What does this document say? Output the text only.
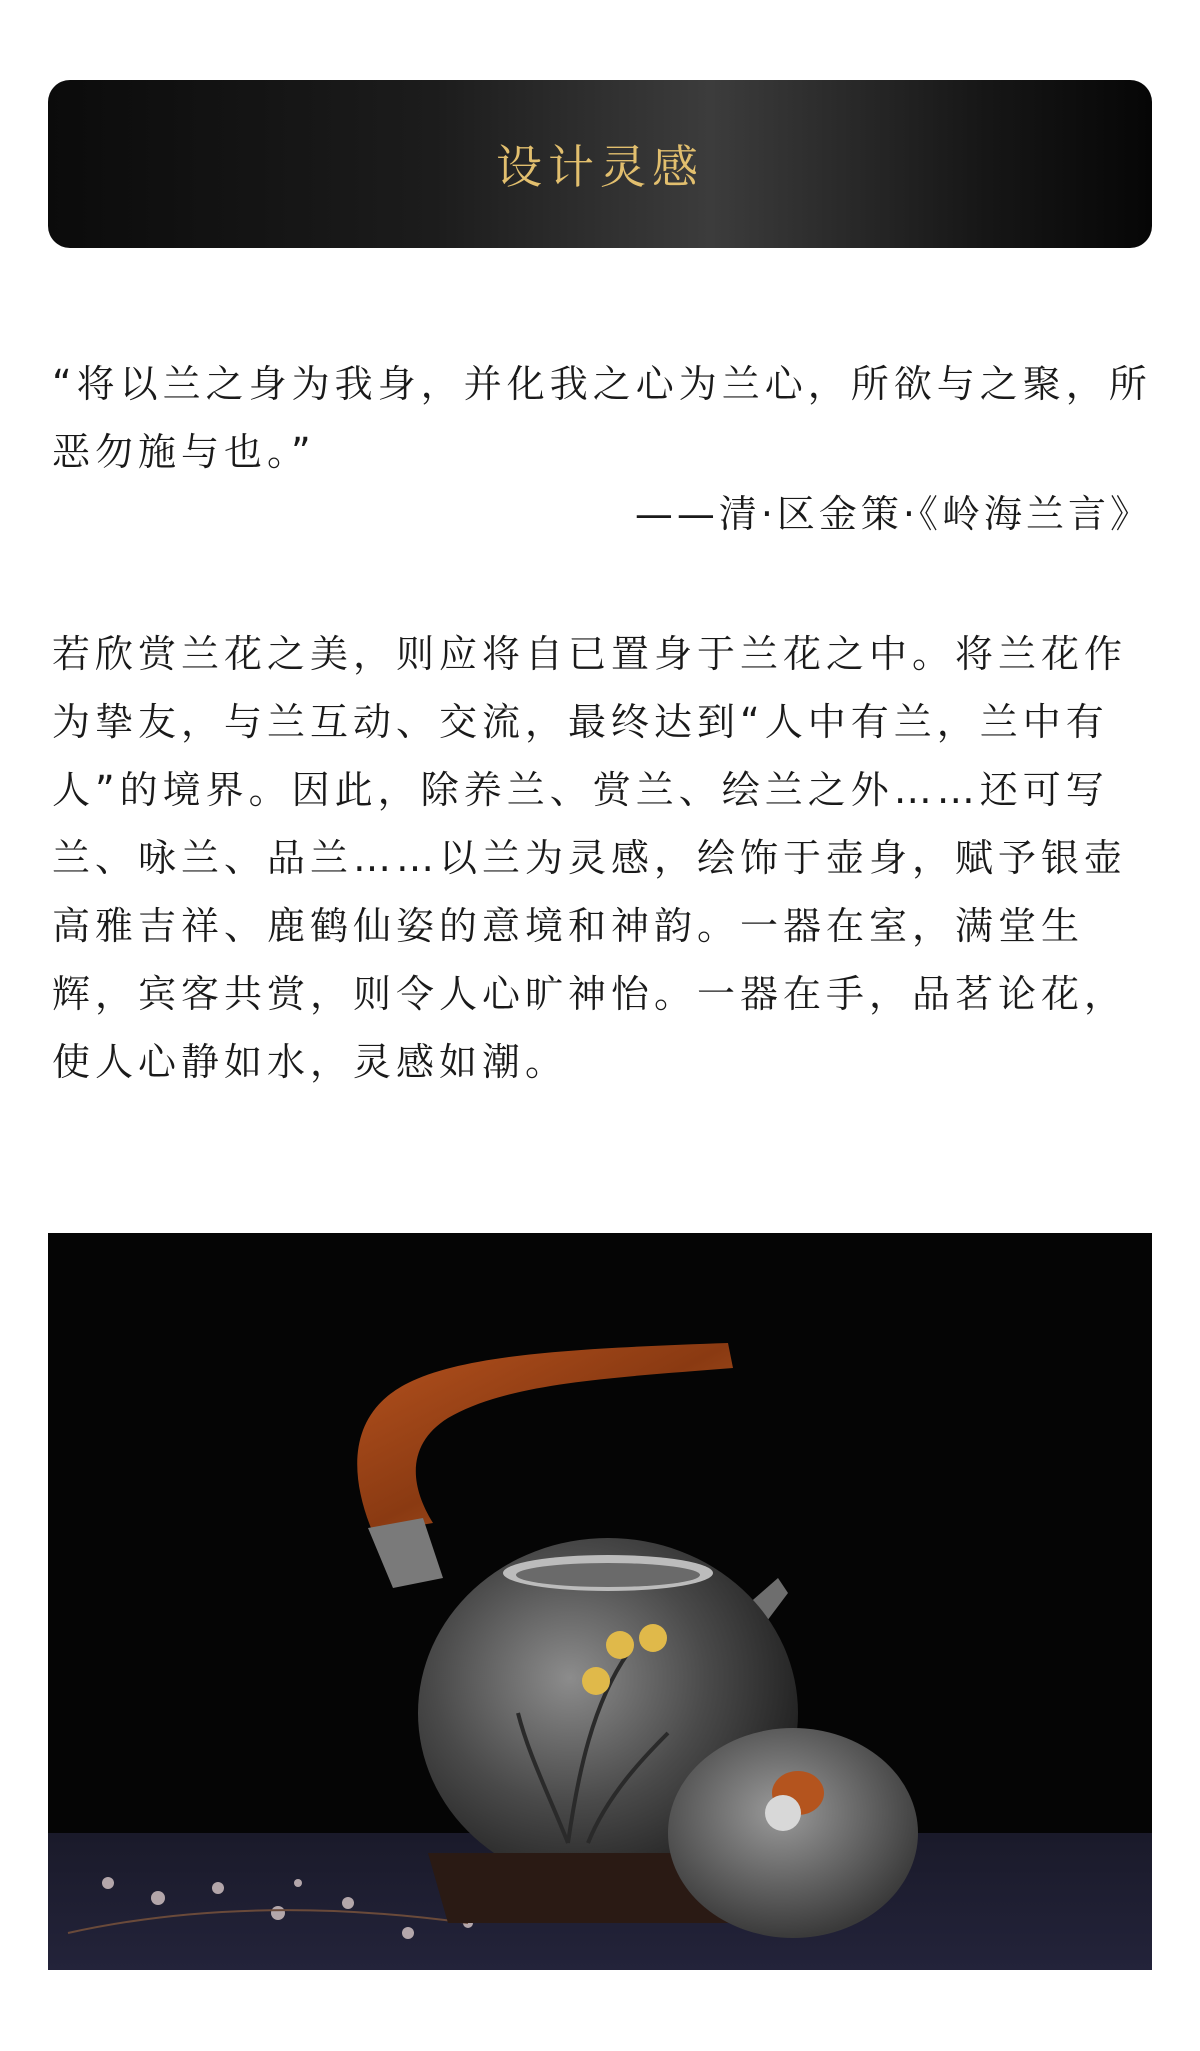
设计灵感
“将以兰之身为我身，并化我之心为兰心，所欲与之聚，所恶勿施与也。”
——清·区金策·《岭海兰言》
若欣赏兰花之美，则应将自已置身于兰花之中。将兰花作为挚友，与兰互动、交流，最终达到“人中有兰，兰中有人”的境界。因此，除养兰、赏兰、绘兰之外……还可写兰、咏兰、品兰……以兰为灵感，绘饰于壶身，赋予银壶高雅吉祥、鹿鹤仙姿的意境和神韵。一器在室，满堂生辉，宾客共赏，则令人心旷神怡。一器在手，品茗论花，使人心静如水，灵感如潮。
